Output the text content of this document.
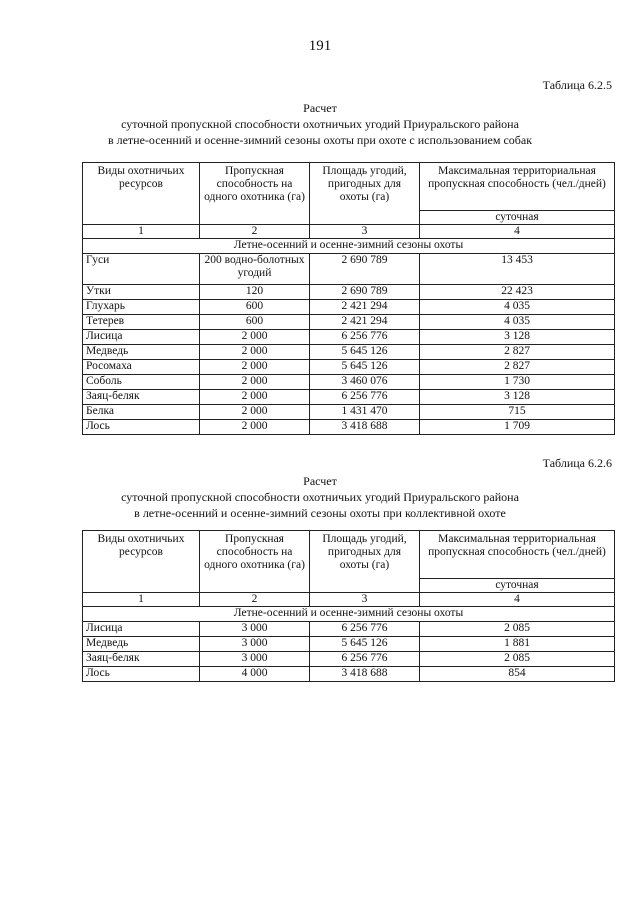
191
Таблица 6.2.5
Расчет
суточной пропускной способности охотничьих угодий Приуральского района
в летне-осенний и осенне-зимний сезоны охоты при охоте с использованием собак
Виды охотничьих ресурсов	Пропускная способность на одного охотника (га)	Площадь угодий, пригодных для охоты (га)	Максимальная территориальная пропускная способность (чел./дней)
			суточная
1	2	3	4
Летне-осенний и осенне-зимний сезоны охоты			
Гуси	200 водно-болотных угодий	2 690 789	13 453
Утки	120	2 690 789	22 423
Глухарь	600	2 421 294	4 035
Тетерев	600	2 421 294	4 035
Лисица	2 000	6 256 776	3 128
Медведь	2 000	5 645 126	2 827
Росомаха	2 000	5 645 126	2 827
Соболь	2 000	3 460 076	1 730
Заяц-беляк	2 000	6 256 776	3 128
Белка	2 000	1 431 470	715
Лось	2 000	3 418 688	1 709
Таблица 6.2.6
Расчет
суточной пропускной способности охотничьих угодий Приуральского района
в летне-осенний и осенне-зимний сезоны охоты при коллективной охоте
Виды охотничьих ресурсов	Пропускная способность на одного охотника (га)	Площадь угодий, пригодных для охоты (га)	Максимальная территориальная пропускная способность (чел./дней)
			суточная
1	2	3	4
Летне-осенний и осенне-зимний сезоны охоты			
Лисица	3 000	6 256 776	2 085
Медведь	3 000	5 645 126	1 881
Заяц-беляк	3 000	6 256 776	2 085
Лось	4 000	3 418 688	854
